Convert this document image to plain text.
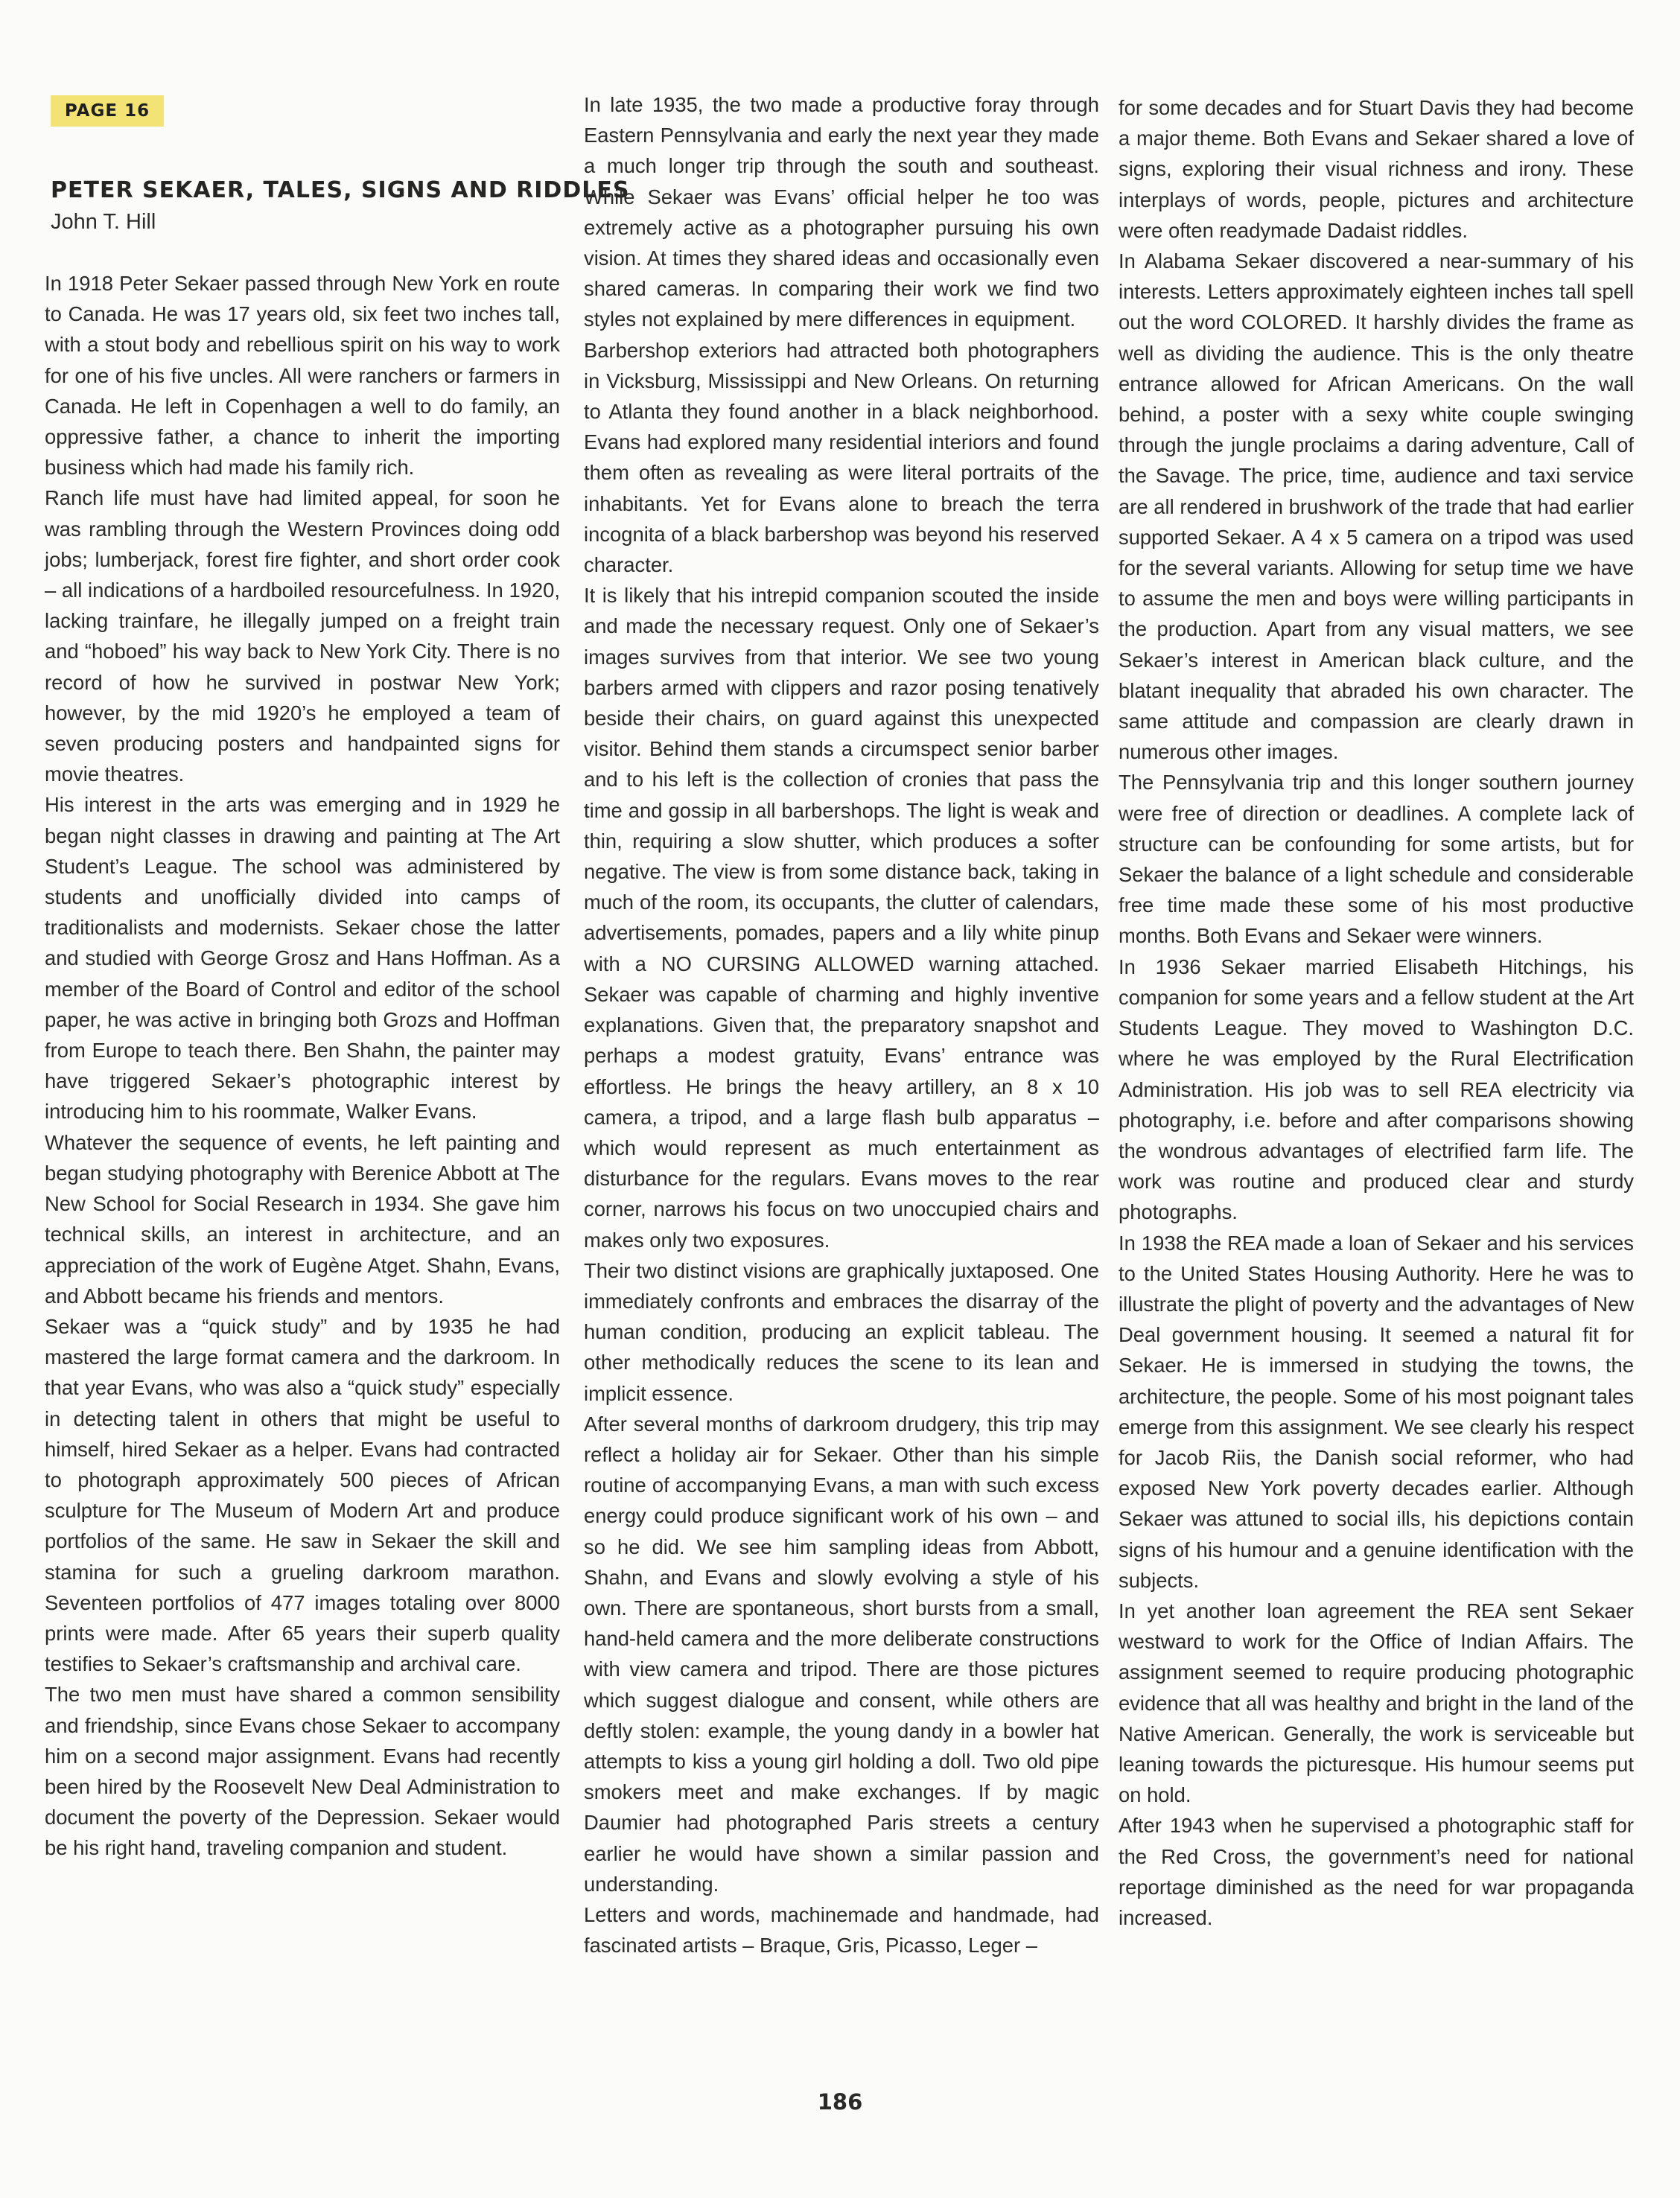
PAGE 16
PETER SEKAER, TALES, SIGNS AND RIDDLES

John T. Hill

In 1918 Peter Sekaer passed through New York en route to Canada. He was 17 years old, six feet two inches tall, with a stout body and rebellious spirit on his way to work for one of his five uncles. All were ranchers or farmers in Canada. He left in Copenhagen a well to do family, an oppressive father, a chance to inherit the importing business which had made his family rich.

Ranch life must have had limited appeal, for soon he was rambling through the Western Provinces doing odd jobs; lumberjack, forest fire fighter, and short order cook – all indications of a hardboiled resourcefulness. In 1920, lacking trainfare, he illegally jumped on a freight train and “hoboed” his way back to New York City. There is no record of how he survived in postwar New York; however, by the mid 1920’s he employed a team of seven producing posters and handpainted signs for movie theatres.

His interest in the arts was emerging and in 1929 he began night classes in drawing and painting at The Art Student’s League. The school was administered by students and unofficially divided into camps of traditionalists and modernists. Sekaer chose the latter and studied with George Grosz and Hans Hoffman. As a member of the Board of Control and editor of the school paper, he was active in bringing both Grozs and Hoffman from Europe to teach there. Ben Shahn, the painter may have triggered Sekaer’s photographic interest by introducing him to his roommate, Walker Evans.

Whatever the sequence of events, he left painting and began studying photography with Berenice Abbott at The New School for Social Research in 1934. She gave him technical skills, an interest in architecture, and an appreciation of the work of Eugène Atget. Shahn, Evans, and Abbott became his friends and mentors.

Sekaer was a “quick study” and by 1935 he had mastered the large format camera and the darkroom. In that year Evans, who was also a “quick study” especially in detecting talent in others that might be useful to himself, hired Sekaer as a helper. Evans had contracted to photograph approximately 500 pieces of African sculpture for The Museum of Modern Art and produce portfolios of the same. He saw in Sekaer the skill and stamina for such a grueling darkroom marathon. Seventeen portfolios of 477 images totaling over 8000 prints were made. After 65 years their superb quality testifies to Sekaer’s craftsmanship and archival care.

The two men must have shared a common sensibility and friendship, since Evans chose Sekaer to accompany him on a second major assignment. Evans had recently been hired by the Roosevelt New Deal Administration to document the poverty of the Depression. Sekaer would be his right hand, traveling companion and student.

In late 1935, the two made a productive foray through Eastern Pennsylvania and early the next year they made a much longer trip through the south and southeast. While Sekaer was Evans’ official helper he too was extremely active as a photographer pursuing his own vision. At times they shared ideas and occasionally even shared cameras. In comparing their work we find two styles not explained by mere differences in equipment.

Barbershop exteriors had attracted both photographers in Vicksburg, Mississippi and New Orleans. On returning to Atlanta they found another in a black neighborhood. Evans had explored many residential interiors and found them often as revealing as were literal portraits of the inhabitants. Yet for Evans alone to breach the terra incognita of a black barbershop was beyond his reserved character.

It is likely that his intrepid companion scouted the inside and made the necessary request. Only one of Sekaer’s images survives from that interior. We see two young barbers armed with clippers and razor posing tenatively beside their chairs, on guard against this unexpected visitor. Behind them stands a circumspect senior barber and to his left is the collection of cronies that pass the time and gossip in all barbershops. The light is weak and thin, requiring a slow shutter, which produces a softer negative. The view is from some distance back, taking in much of the room, its occupants, the clutter of calendars, advertisements, pomades, papers and a lily white pinup with a NO CURSING ALLOWED warning attached. Sekaer was capable of charming and highly inventive explanations. Given that, the preparatory snapshot and perhaps a modest gratuity, Evans’ entrance was effortless. He brings the heavy artillery, an 8 x 10 camera, a tripod, and a large flash bulb apparatus – which would represent as much entertainment as disturbance for the regulars. Evans moves to the rear corner, narrows his focus on two unoccupied chairs and makes only two exposures.

Their two distinct visions are graphically juxtaposed. One immediately confronts and embraces the disarray of the human condition, producing an explicit tableau. The other methodically reduces the scene to its lean and implicit essence.

After several months of darkroom drudgery, this trip may reflect a holiday air for Sekaer. Other than his simple routine of accompanying Evans, a man with such excess energy could produce significant work of his own – and so he did. We see him sampling ideas from Abbott, Shahn, and Evans and slowly evolving a style of his own. There are spontaneous, short bursts from a small, hand-held camera and the more deliberate constructions with view camera and tripod. There are those pictures which suggest dialogue and consent, while others are deftly stolen: example, the young dandy in a bowler hat attempts to kiss a young girl holding a doll. Two old pipe smokers meet and make exchanges. If by magic Daumier had photographed Paris streets a century earlier he would have shown a similar passion and understanding.

Letters and words, machinemade and handmade, had fascinated artists – Braque, Gris, Picasso, Leger –

for some decades and for Stuart Davis they had become a major theme. Both Evans and Sekaer shared a love of signs, exploring their visual richness and irony. These interplays of words, people, pictures and architecture were often readymade Dadaist riddles.

In Alabama Sekaer discovered a near-summary of his interests. Letters approximately eighteen inches tall spell out the word COLORED. It harshly divides the frame as well as dividing the audience. This is the only theatre entrance allowed for African Americans. On the wall behind, a poster with a sexy white couple swinging through the jungle proclaims a daring adventure, Call of the Savage. The price, time, audience and taxi service are all rendered in brushwork of the trade that had earlier supported Sekaer. A 4 x 5 camera on a tripod was used for the several variants. Allowing for setup time we have to assume the men and boys were willing participants in the production. Apart from any visual matters, we see Sekaer’s interest in American black culture, and the blatant inequality that abraded his own character. The same attitude and compassion are clearly drawn in numerous other images.

The Pennsylvania trip and this longer southern journey were free of direction or deadlines. A complete lack of structure can be confounding for some artists, but for Sekaer the balance of a light schedule and considerable free time made these some of his most productive months. Both Evans and Sekaer were winners.

In 1936 Sekaer married Elisabeth Hitchings, his companion for some years and a fellow student at the Art Students League. They moved to Washington D.C. where he was employed by the Rural Electrification Administration. His job was to sell REA electricity via photography, i.e. before and after comparisons showing the wondrous advantages of electrified farm life. The work was routine and produced clear and sturdy photographs.

In 1938 the REA made a loan of Sekaer and his services to the United States Housing Authority. Here he was to illustrate the plight of poverty and the advantages of New Deal government housing. It seemed a natural fit for Sekaer. He is immersed in studying the towns, the architecture, the people. Some of his most poignant tales emerge from this assignment. We see clearly his respect for Jacob Riis, the Danish social reformer, who had exposed New York poverty decades earlier. Although Sekaer was attuned to social ills, his depictions contain signs of his humour and a genuine identification with the subjects.

In yet another loan agreement the REA sent Sekaer westward to work for the Office of Indian Affairs. The assignment seemed to require producing photographic evidence that all was healthy and bright in the land of the Native American. Generally, the work is serviceable but leaning towards the picturesque. His humour seems put on hold.

After 1943 when he supervised a photographic staff for the Red Cross, the government’s need for national reportage diminished as the need for war propaganda increased.

186
